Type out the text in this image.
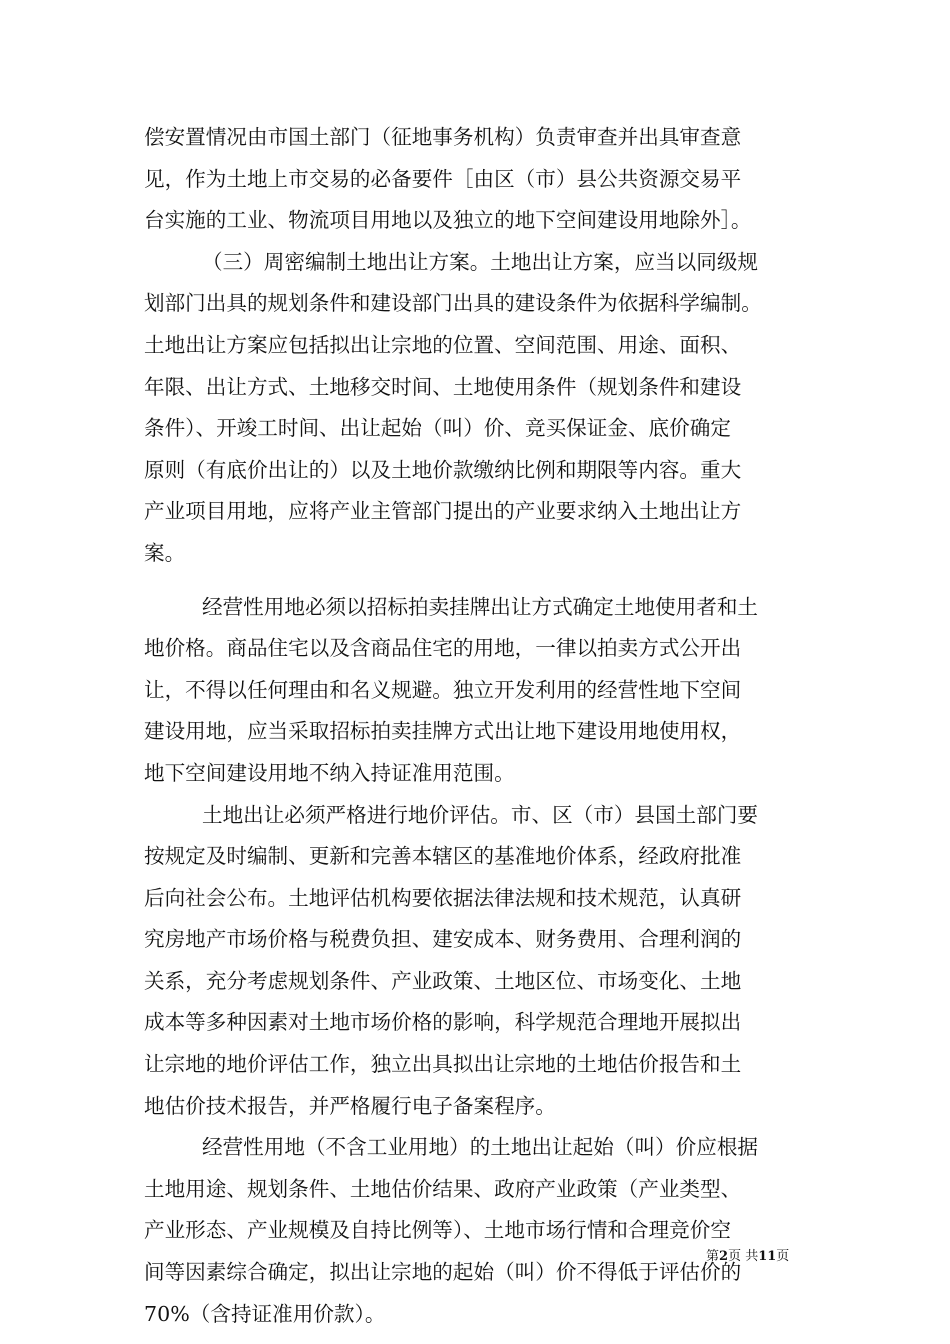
偿安置情况由市国土部门（征地事务机构）负责审查并出具审查意
见，作为土地上市交易的必备要件［由区（市）县公共资源交易平
台实施的工业、物流项目用地以及独立的地下空间建设用地除外］。
（三）周密编制土地出让方案。土地出让方案，应当以同级规
划部门出具的规划条件和建设部门出具的建设条件为依据科学编制。
土地出让方案应包括拟出让宗地的位置、空间范围、用途、面积、
年限、出让方式、土地移交时间、土地使用条件（规划条件和建设
条件）、开竣工时间、出让起始（叫）价、竞买保证金、底价确定
原则（有底价出让的）以及土地价款缴纳比例和期限等内容。重大
产业项目用地，应将产业主管部门提出的产业要求纳入土地出让方
案。
经营性用地必须以招标拍卖挂牌出让方式确定土地使用者和土
地价格。商品住宅以及含商品住宅的用地，一律以拍卖方式公开出
让，不得以任何理由和名义规避。独立开发利用的经营性地下空间
建设用地，应当采取招标拍卖挂牌方式出让地下建设用地使用权，
地下空间建设用地不纳入持证准用范围。
土地出让必须严格进行地价评估。市、区（市）县国土部门要
按规定及时编制、更新和完善本辖区的基准地价体系，经政府批准
后向社会公布。土地评估机构要依据法律法规和技术规范，认真研
究房地产市场价格与税费负担、建安成本、财务费用、合理利润的
关系，充分考虑规划条件、产业政策、土地区位、市场变化、土地
成本等多种因素对土地市场价格的影响，科学规范合理地开展拟出
让宗地的地价评估工作，独立出具拟出让宗地的土地估价报告和土
地估价技术报告，并严格履行电子备案程序。
经营性用地（不含工业用地）的土地出让起始（叫）价应根据
土地用途、规划条件、土地估价结果、政府产业政策（产业类型、
产业形态、产业规模及自持比例等）、土地市场行情和合理竞价空
间等因素综合确定，拟出让宗地的起始（叫）价不得低于评估价的
70%（含持证准用价款）。
第2页 共11页
